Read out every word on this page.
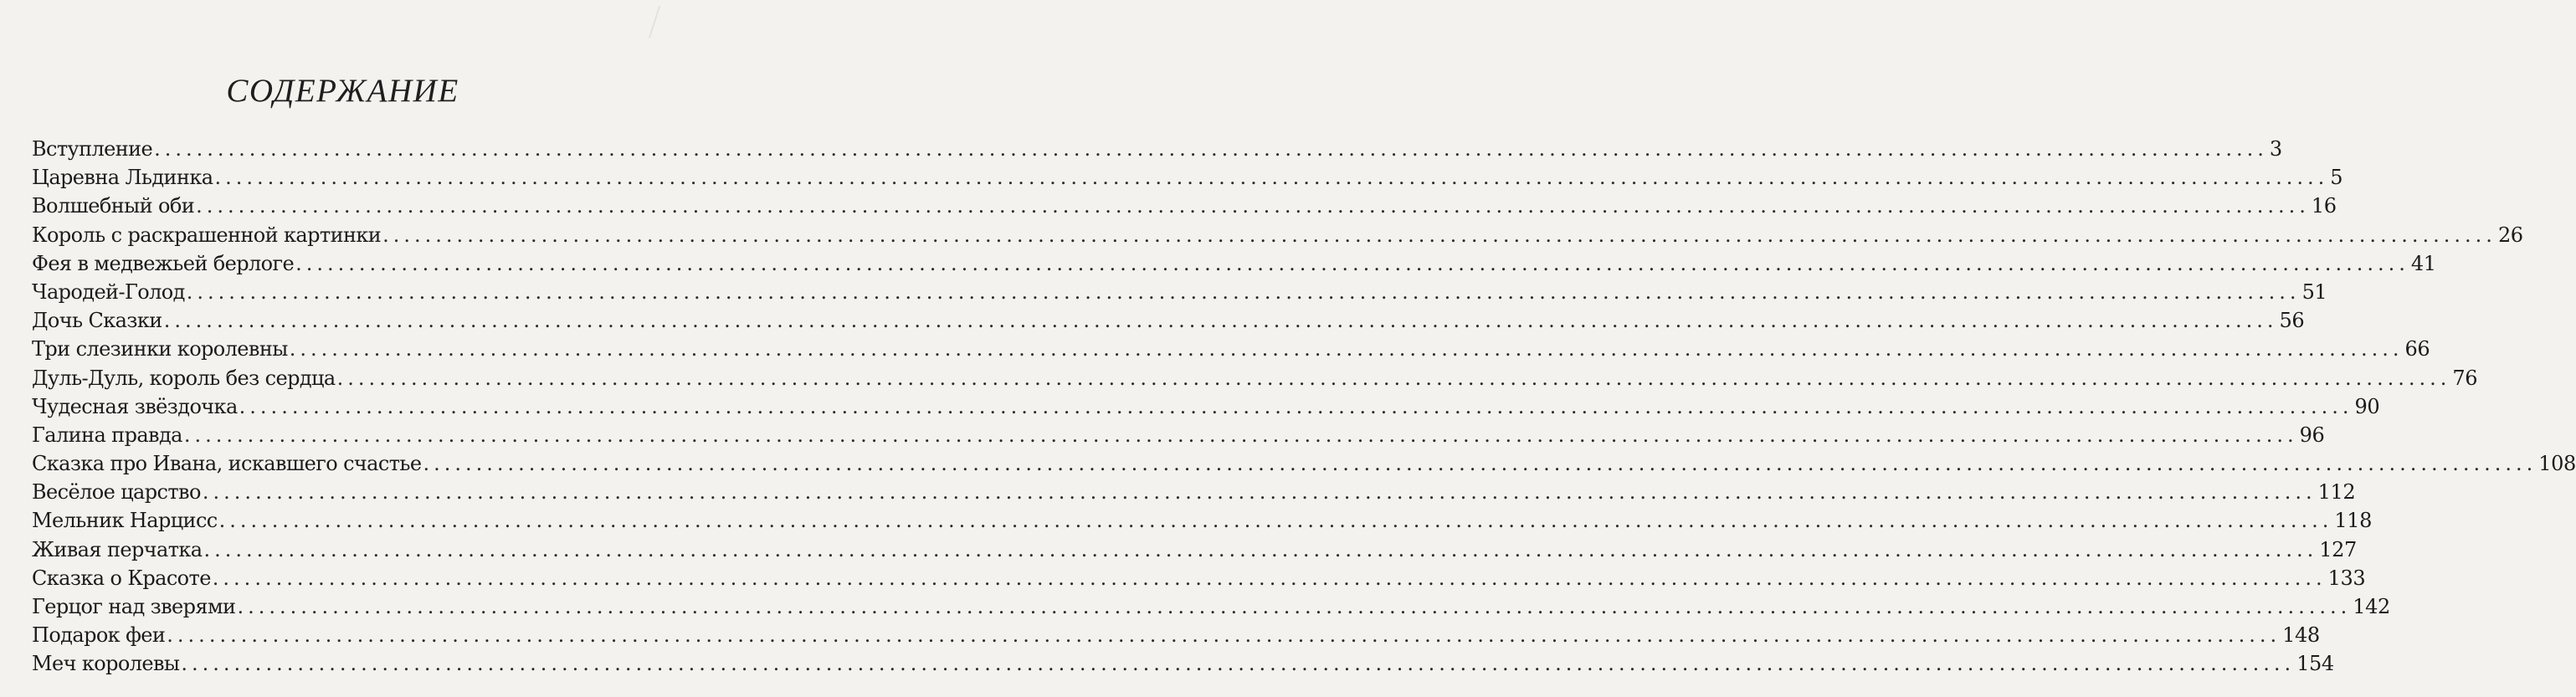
СОДЕРЖАНИЕ
Вступление ........................................................................................................................................................................................................ 3
Царевна Льдинка ........................................................................................................................................................................................................ 5
Волшебный оби ........................................................................................................................................................................................................ 16
Король с раскрашенной картинки ........................................................................................................................................................................................................ 26
Фея в медвежьей берлоге ........................................................................................................................................................................................................ 41
Чародей-Голод ........................................................................................................................................................................................................ 51
Дочь Сказки ........................................................................................................................................................................................................ 56
Три слезинки королевны ........................................................................................................................................................................................................ 66
Дуль-Дуль, король без сердца ........................................................................................................................................................................................................ 76
Чудесная звёздочка ........................................................................................................................................................................................................ 90
Галина правда ........................................................................................................................................................................................................ 96
Сказка про Ивана, искавшего счастье ........................................................................................................................................................................................................ 108
Весёлое царство ........................................................................................................................................................................................................ 112
Мельник Нарцисс ........................................................................................................................................................................................................ 118
Живая перчатка ........................................................................................................................................................................................................ 127
Сказка о Красоте ........................................................................................................................................................................................................ 133
Герцог над зверями ........................................................................................................................................................................................................ 142
Подарок феи ........................................................................................................................................................................................................ 148
Меч королевы ........................................................................................................................................................................................................ 154
